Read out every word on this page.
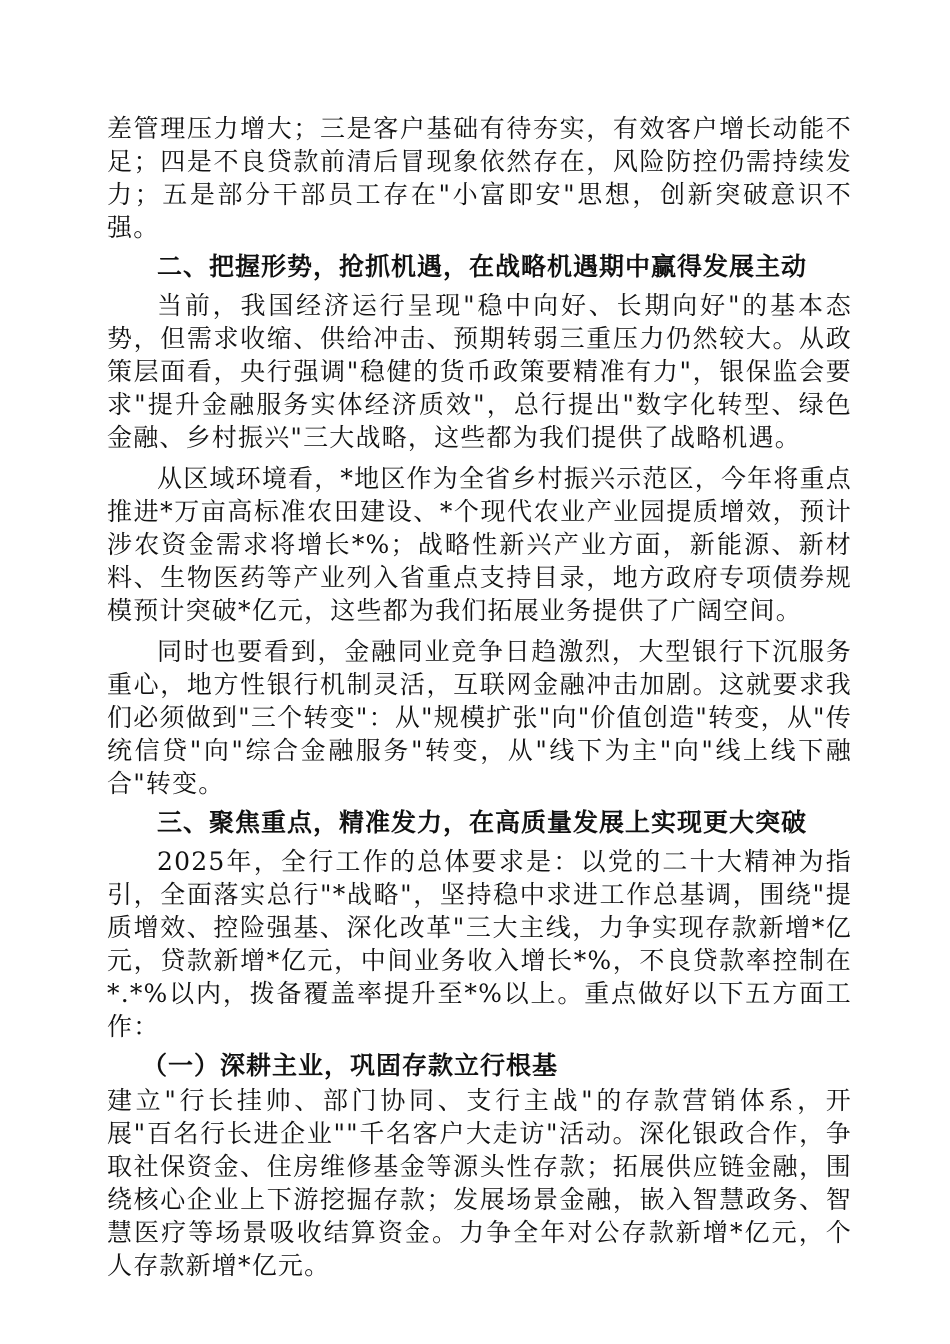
差管理压力增大；三是客户基础有待夯实，有效客户增长动能不足；四是不良贷款前清后冒现象依然存在，风险防控仍需持续发力；五是部分干部员工存在"小富即安"思想，创新突破意识不强。

二、把握形势，抢抓机遇，在战略机遇期中赢得发展主动

当前，我国经济运行呈现"稳中向好、长期向好"的基本态势，但需求收缩、供给冲击、预期转弱三重压力仍然较大。从政策层面看，央行强调"稳健的货币政策要精准有力"，银保监会要求"提升金融服务实体经济质效"，总行提出"数字化转型、绿色金融、乡村振兴"三大战略，这些都为我们提供了战略机遇。

从区域环境看，*地区作为全省乡村振兴示范区，今年将重点推进*万亩高标准农田建设、*个现代农业产业园提质增效，预计涉农资金需求将增长*%；战略性新兴产业方面，新能源、新材料、生物医药等产业列入省重点支持目录，地方政府专项债券规模预计突破*亿元，这些都为我们拓展业务提供了广阔空间。

同时也要看到，金融同业竞争日趋激烈，大型银行下沉服务重心，地方性银行机制灵活，互联网金融冲击加剧。这就要求我们必须做到"三个转变"：从"规模扩张"向"价值创造"转变，从"传统信贷"向"综合金融服务"转变，从"线下为主"向"线上线下融合"转变。

三、聚焦重点，精准发力，在高质量发展上实现更大突破

2025年，全行工作的总体要求是：以党的二十大精神为指引，全面落实总行"*战略"，坚持稳中求进工作总基调，围绕"提质增效、控险强基、深化改革"三大主线，力争实现存款新增*亿元，贷款新增*亿元，中间业务收入增长*%，不良贷款率控制在*.*%以内，拨备覆盖率提升至*%以上。重点做好以下五方面工作：

（一）深耕主业，巩固存款立行根基

建立"行长挂帅、部门协同、支行主战"的存款营销体系，开展"百名行长进企业""千名客户大走访"活动。深化银政合作，争取社保资金、住房维修基金等源头性存款；拓展供应链金融，围绕核心企业上下游挖掘存款；发展场景金融，嵌入智慧政务、智慧医疗等场景吸收结算资金。力争全年对公存款新增*亿元，个人存款新增*亿元。
